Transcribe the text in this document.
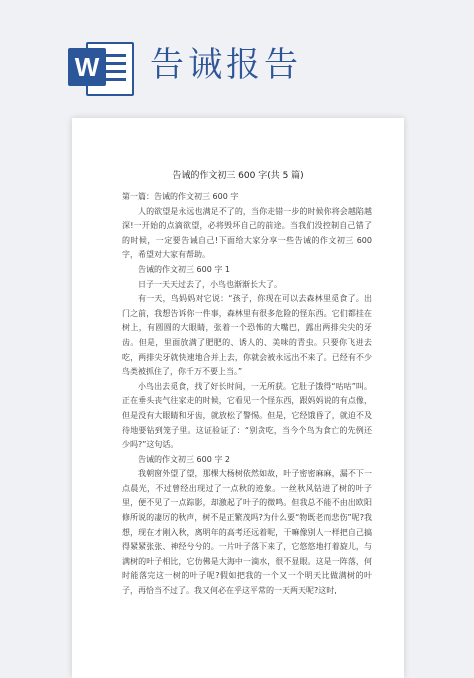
W 告诫报告
告诫的作文初三 600 字(共 5 篇)

第一篇：告诫的作文初三 600 字

人的欲望是永远也满足不了的，当你走错一步的时候你将会越陷越深!一开始的点滴欲望，必将毁坏自己的前途。当我们没控制自己错了的时候，一定要告诫自己!下面给大家分享一些告诫的作文初三 600 字，希望对大家有帮助。

告诫的作文初三 600 字 1

日子一天天过去了，小鸟也渐渐长大了。

有一天，鸟妈妈对它说：“孩子，你现在可以去森林里觅食了。出门之前，我想告诉你一件事，森林里有很多危险的怪东西。它们都挂在树上，有圆圆的大眼睛，张着一个恐怖的大嘴巴，露出两排尖尖的牙齿。但是，里面放满了肥肥的、诱人的、美味的青虫。只要你飞进去吃，两排尖牙就快速地合并上去，你就会被永远出不来了。已经有不少鸟类被抓住了，你千万不要上当。”

小鸟出去觅食，找了好长时间，一无所获。它肚子饿得“咕咕”叫。正在垂头丧气往家走的时候，它看见一个怪东西，跟妈妈说的有点像，但是没有大眼睛和牙齿，就放松了警惕。但是，它经饿昏了，就迫不及待地要钻到笼子里。这证验证了：“别贪吃，当今个鸟为食亡的先例还少吗?”这句话。

告诫的作文初三 600 字 2

我朝窗外望了望，那棵大杨树依然如故，叶子密密麻麻，漏不下一点晨光，不过曾经出现过了一点秋的迹象。一丝秋风钻进了树的叶子里，便不见了一点踪影，却激起了叶子的微鸣。但我总不能不由出欧阳修所说的凄厉的秋声，树不是正繁茂吗?为什么要“物既老而悲伤”呢?我想，现在才刚入秋，离明年的高考还远着呢，干嘛像别人一样把自己搞得紧紧张张、神经兮兮的。一片叶子落下来了，它悠悠地打着旋儿，与满树的叶子相比，它仿佛是大海中一滴水，很不显眼。这是一阵落，何时能落完这一树的叶子呢?假如把我的一个又一个明天比做满树的叶子，再恰当不过了。我又何必在乎这平常的一天两天呢?这时,
